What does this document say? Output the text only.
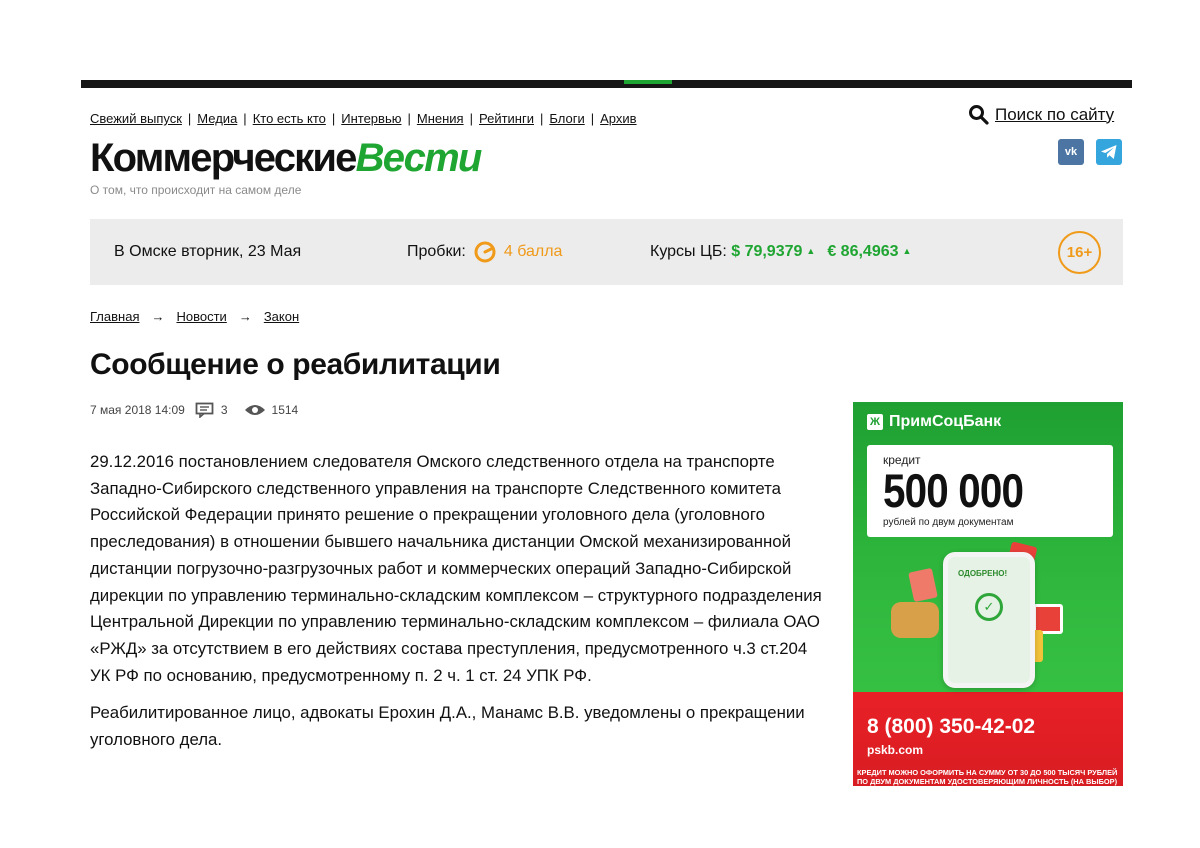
Свежий выпуск | Медиа | Кто есть кто | Интервью | Мнения | Рейтинги | Блоги | Архив	Поиск по сайту
КоммерческиеВести
О том, что происходит на самом деле
vk
В Омске вторник, 23 Мая	Пробки: 4 балла	Курсы ЦБ: $ 79,9379 ▲ € 86,4963 ▲	16+
Главная → Новости → Закон
Сообщение о реабилитации
7 мая 2018 14:09	3	1514

29.12.2016 постановлением следователя Омского следственного отдела на транспорте Западно-Сибирского следственного управления на транспорте Следственного комитета Российской Федерации принято решение о прекращении уголовного дела (уголовного преследования) в отношении бывшего начальника дистанции Омской механизированной дистанции погрузочно-разгрузочных работ и коммерческих операций Западно-Сибирской дирекции по управлению терминально-складским комплексом – структурного подразделения Центральной Дирекции по управлению терминально-складским комплексом – филиала ОАО «РЖД» за отсутствием в его действиях состава преступления, предусмотренного ч.3 ст.204 УК РФ по основанию, предусмотренному п. 2 ч. 1 ст. 24 УПК РФ.

Реабилитированное лицо, адвокаты Ерохин Д.А., Манамс В.В. уведомлены о прекращении уголовного дела.

Ж ПримСоцБанк
кредит
500 000
рублей по двум документам
ОДОБРЕНО!
✓
8 (800) 350-42-02
pskb.com
КРЕДИТ МОЖНО ОФОРМИТЬ НА СУММУ ОТ 30 ДО 500 ТЫСЯЧ РУБЛЕЙ ПО ДВУМ ДОКУМЕНТАМ УДОСТОВЕРЯЮЩИМ ЛИЧНОСТЬ (НА ВЫБОР)
